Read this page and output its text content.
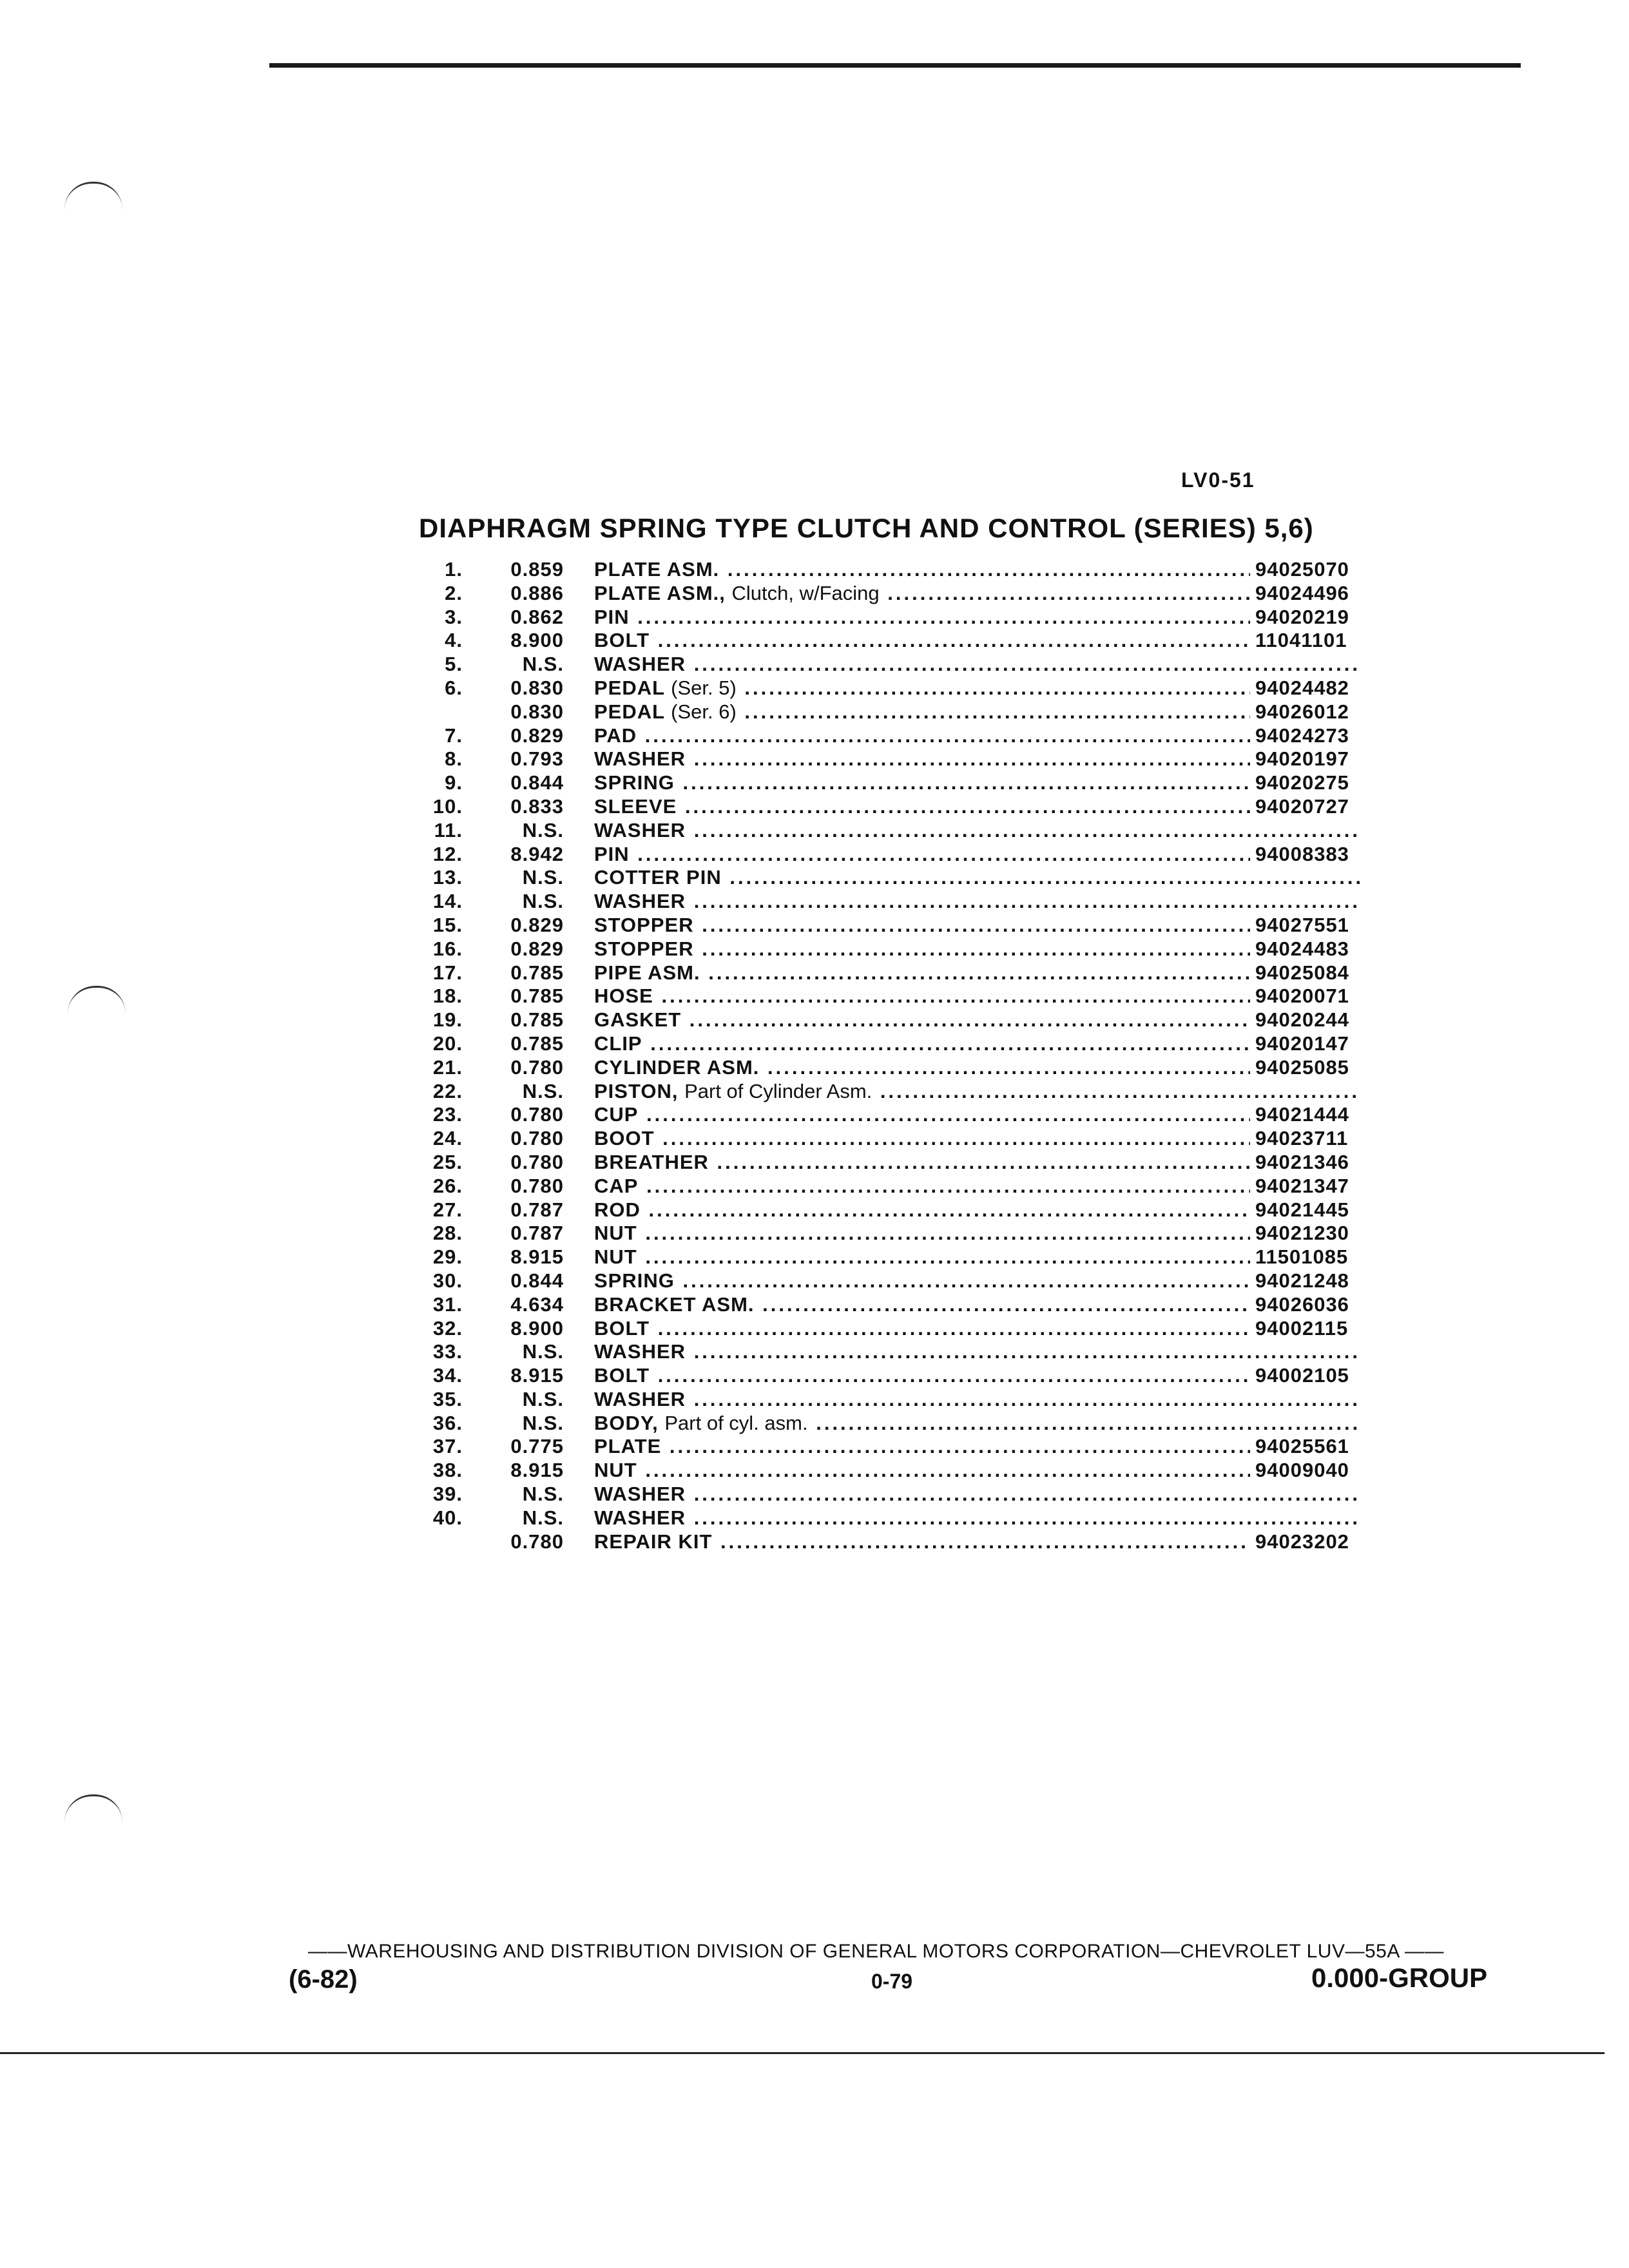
LV0-51
DIAPHRAGM SPRING TYPE CLUTCH AND CONTROL (SERIES) 5,6)
1.	0.859 PLATE ASM. .....	94025070
2.	0.886 PLATE ASM., Clutch, w/Facing .....	94024496
3.	0.862 PIN .....	94020219
4.	8.900 BOLT .....	11041101
5.	N.S. WASHER .....
6.	0.830 PEDAL (Ser. 5) .....	94024482
0.830 PEDAL (Ser. 6) .....	94026012
7.	0.829 PAD .....	94024273
8.	0.793 WASHER .....	94020197
9.	0.844 SPRING .....	94020275
10.	0.833 SLEEVE .....	94020727
11.	N.S. WASHER .....
12.	8.942 PIN .....	94008383
13.	N.S. COTTER PIN .....
14.	N.S. WASHER .....
15.	0.829 STOPPER .....	94027551
16.	0.829 STOPPER .....	94024483
17.	0.785 PIPE ASM. .....	94025084
18.	0.785 HOSE .....	94020071
19.	0.785 GASKET .....	94020244
20.	0.785 CLIP .....	94020147
21.	0.780 CYLINDER ASM. .....	94025085
22.	N.S. PISTON, Part of Cylinder Asm. .....
23.	0.780 CUP .....	94021444
24.	0.780 BOOT .....	94023711
25.	0.780 BREATHER .....	94021346
26.	0.780 CAP .....	94021347
27.	0.787 ROD .....	94021445
28.	0.787 NUT .....	94021230
29.	8.915 NUT .....	11501085
30.	0.844 SPRING .....	94021248
31.	4.634 BRACKET ASM. .....	94026036
32.	8.900 BOLT .....	94002115
33.	N.S. WASHER .....
34.	8.915 BOLT .....	94002105
35.	N.S. WASHER .....
36.	N.S. BODY, Part of cyl. asm. .....
37.	0.775 PLATE .....	94025561
38.	8.915 NUT .....	94009040
39.	N.S. WASHER .....
40.	N.S. WASHER .....
0.780 REPAIR KIT .....	94023202
——WAREHOUSING AND DISTRIBUTION DIVISION OF GENERAL MOTORS CORPORATION—CHEVROLET LUV—55A ——
(6-82)	0-79	0.000-GROUP
